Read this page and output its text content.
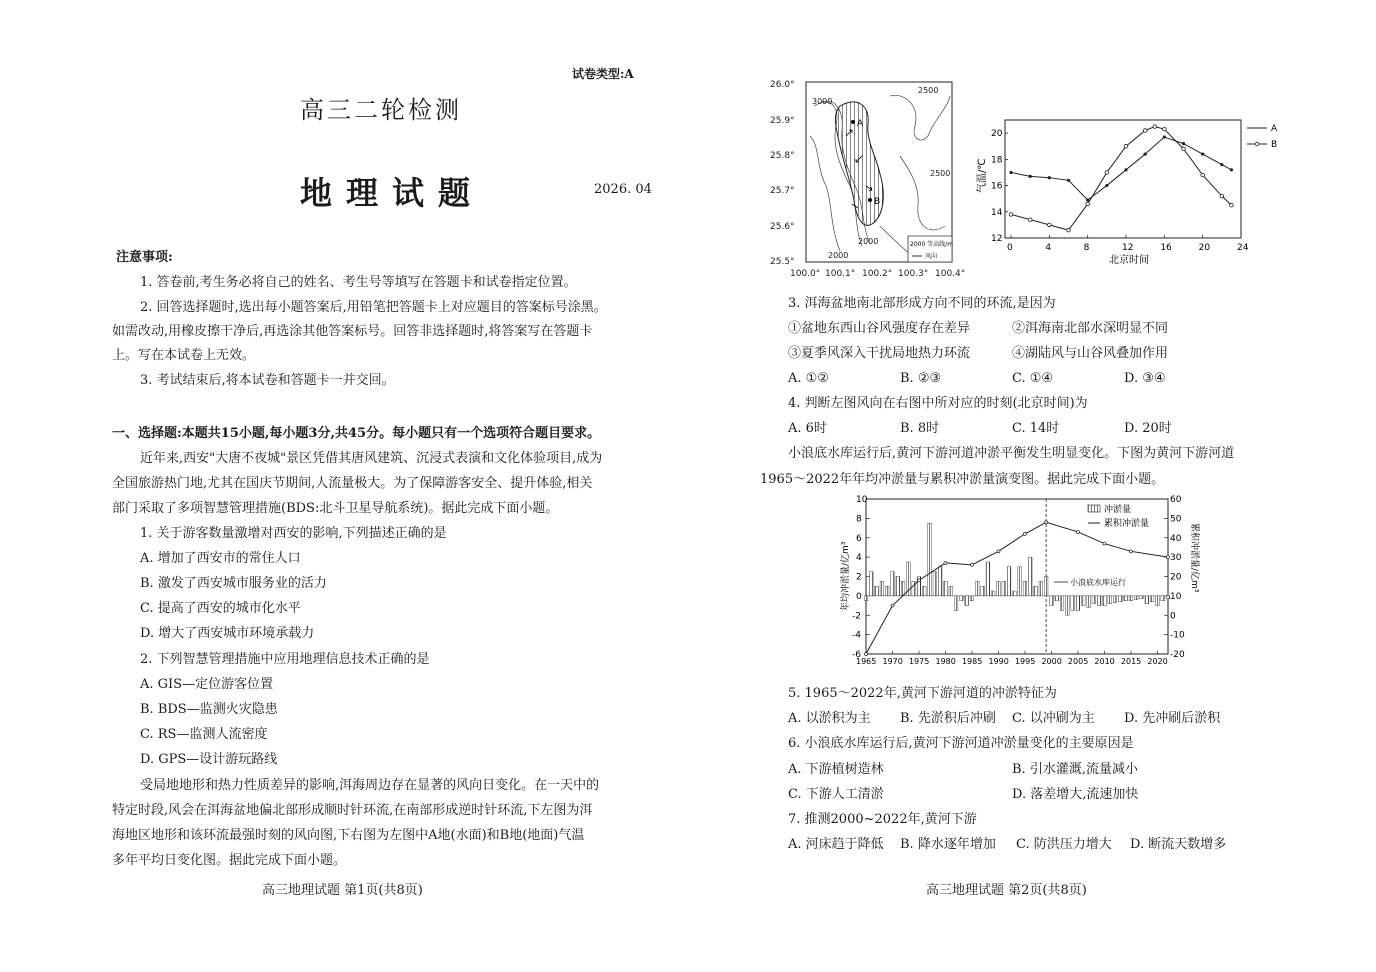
试卷类型:A
高三二轮检测
地理试题	2026. 04
注意事项:
1. 答卷前,考生务必将自己的姓名、考生号等填写在答题卡和试卷指定位置。
2. 回答选择题时,选出每小题答案后,用铅笔把答题卡上对应题目的答案标号涂黑。
如需改动,用橡皮擦干净后,再选涂其他答案标号。回答非选择题时,将答案写在答题卡
上。写在本试卷上无效。
3. 考试结束后,将本试卷和答题卡一并交回。
一、选择题:本题共15小题,每小题3分,共45分。每小题只有一个选项符合题目要求。
近年来,西安"大唐不夜城"景区凭借其唐风建筑、沉浸式表演和文化体验项目,成为
全国旅游热门地,尤其在国庆节期间,人流量极大。为了保障游客安全、提升体验,相关
部门采取了多项智慧管理措施(BDS:北斗卫星导航系统)。据此完成下面小题。
1. 关于游客数量激增对西安的影响,下列描述正确的是
A. 增加了西安市的常住人口
B. 激发了西安城市服务业的活力
C. 提高了西安的城市化水平
D. 增大了西安城市环境承载力
2. 下列智慧管理措施中应用地理信息技术正确的是
A. GIS—定位游客位置
B. BDS—监测火灾隐患
C. RS—监测人流密度
D. GPS—设计游玩路线
受局地地形和热力性质差异的影响,洱海周边存在显著的风向日变化。在一天中的
特定时段,风会在洱海盆地偏北部形成顺时针环流,在南部形成逆时针环流,下左图为洱
海地区地形和该环流最强时刻的风向图,下右图为左图中A地(水面)和B地(地面)气温
多年平均日变化图。据此完成下面小题。
高三地理试题 第1页(共8页)
26.0°
25.9°
25.8°
25.7°
25.6°
25.5°
100.0° 100.1° 100.2° 100.3° 100.4°
2500
3000
2000
2000
2500
A
B
2000 等高线/m
风向
0	4	8	12	16	20	24
12
14
16
18
20
气温/℃
北京时间
A
B
3. 洱海盆地南北部形成方向不同的环流,是因为
①盆地东西山谷风强度存在差异	②洱海南北部水深明显不同
③夏季风深入干扰局地热力环流	④湖陆风与山谷风叠加作用
A. ①②	B. ②③	C. ①④	D. ③④
4. 判断左图风向在右图中所对应的时刻(北京时间)为
A. 6时	B. 8时	C. 14时	D. 20时
小浪底水库运行后,黄河下游河道冲淤平衡发生明显变化。下图为黄河下游河道
1965～2022年年均冲淤量与累积冲淤量演变图。据此完成下面小题。
-6
-4
-2
0
2
4
6
8
10
-20
-10
0
10
20
30
40
50
60
1965 1970 1975 1980 1985 1990 1995 2000 2005 2010 2015 2020
年均冲淤量/亿m³	累积冲淤量/亿m³
冲淤量
累积冲淤量
小浪底水库运行
5. 1965～2022年,黄河下游河道的冲淤特征为
A. 以淤积为主 B. 先淤积后冲刷 C. 以冲刷为主 D. 先冲刷后淤积
6. 小浪底水库运行后,黄河下游河道冲淤量变化的主要原因是
A. 下游植树造林	B. 引水灌溉,流量减小
C. 下游人工清淤	D. 落差增大,流速加快
7. 推测2000~2022年,黄河下游
A. 河床趋于降低 B. 降水逐年增加 C. 防洪压力增大 D. 断流天数增多
高三地理试题 第2页(共8页)
